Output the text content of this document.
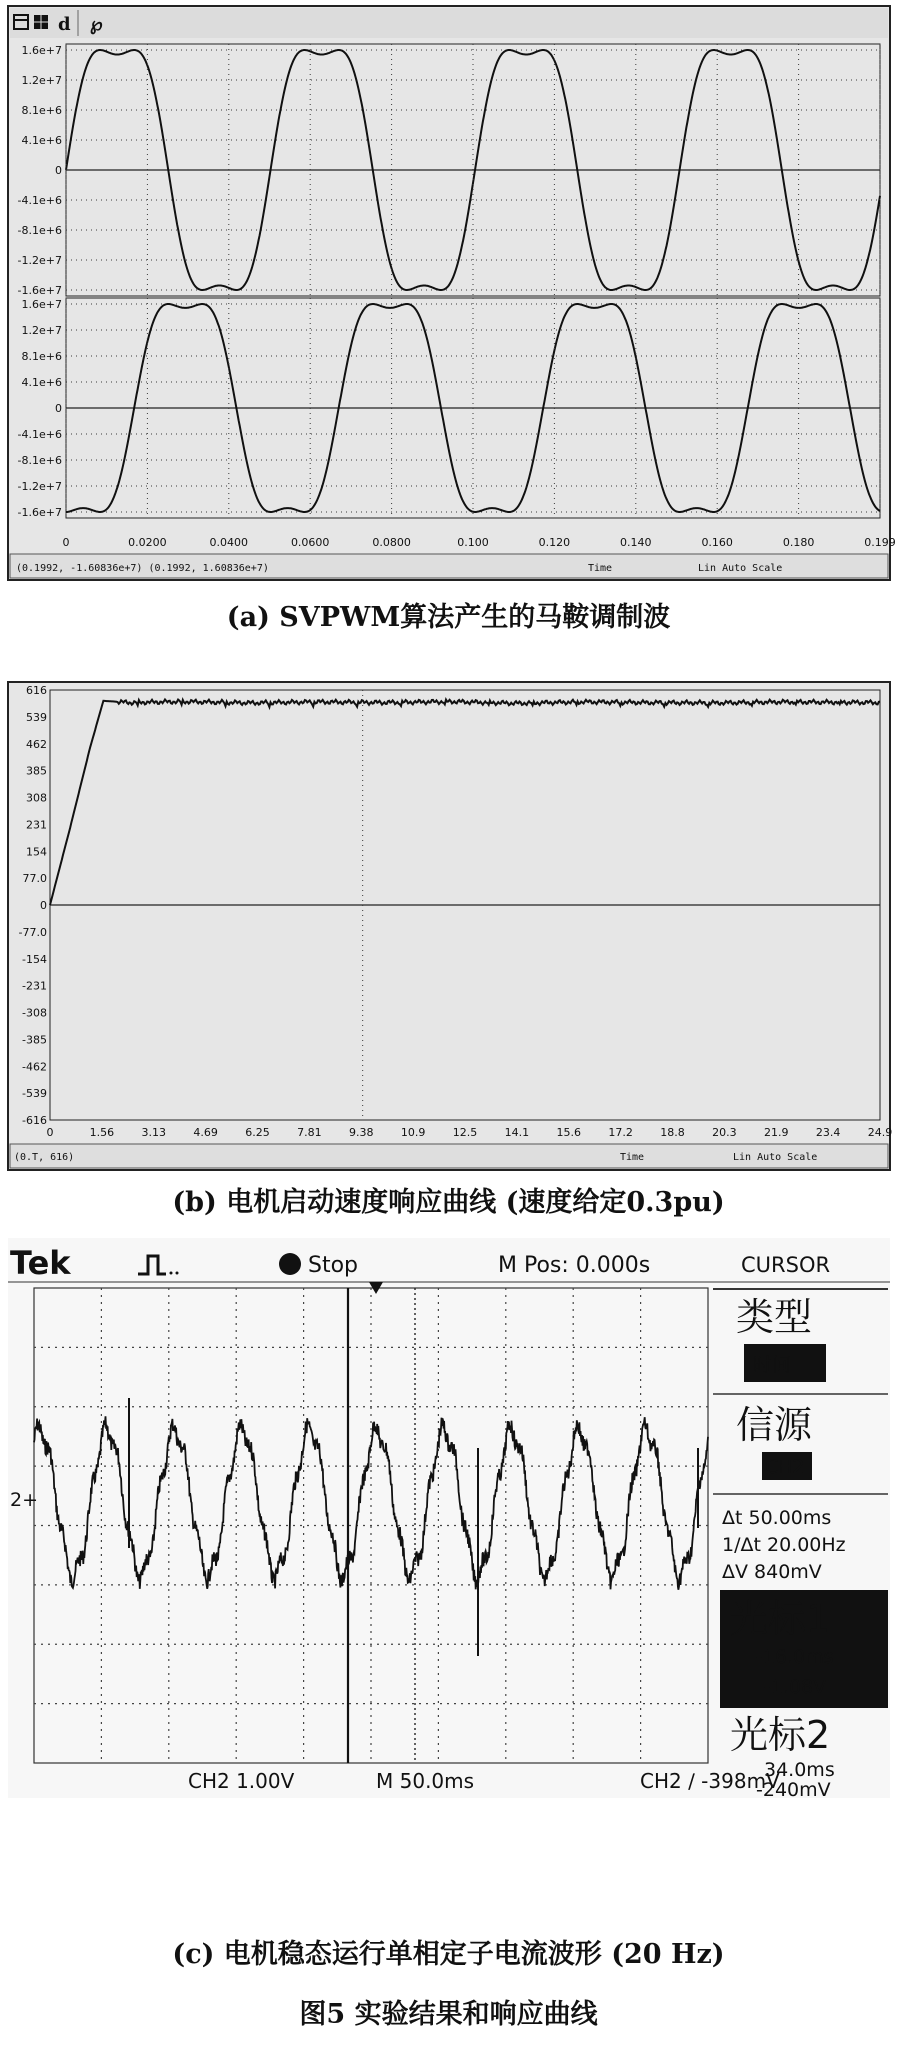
d ℘
1.6e+7
1.2e+7
8.1e+6
4.1e+6
0
-4.1e+6
-8.1e+6
-1.2e+7
-1.6e+7
1.6e+7
1.2e+7
8.1e+6
4.1e+6
0
-4.1e+6
-8.1e+6
-1.2e+7
-1.6e+7
0	0.0200	0.0400	0.0600	0.0800	0.100	0.120	0.140	0.160	0.180	0.199
(0.1992, -1.60836e+7) (0.1992, 1.60836e+7)	Time	Lin Auto Scale
(a) SVPWM算法产生的马鞍调制波
616
539
462
385
308
231
154
77.0
0
-77.0
-154
-231
-308
-385
-462
-539
-616
0	1.56 3.13 4.69 6.25 7.81 9.38 10.9 12.5 14.1 15.6 17.2 18.8 20.3 21.9 23.4 24.9
(0.T, 616)	Time	Lin Auto Scale
(b) 电机启动速度响应曲线 (速度给定0.3pu)
Tek	Stop	M Pos: 0.000s	CURSOR
2+
类型
时间
信源
CH2
Δt 50.00ms
1/Δt 20.00Hz
ΔV 840mV
光标1
-16.0ms
-1.08V
光标2
34.0ms
-240mV
CH2 1.00V	M 50.0ms	CH2 ∕ -398mV
(c) 电机稳态运行单相定子电流波形 (20 Hz)
图5 实验结果和响应曲线
